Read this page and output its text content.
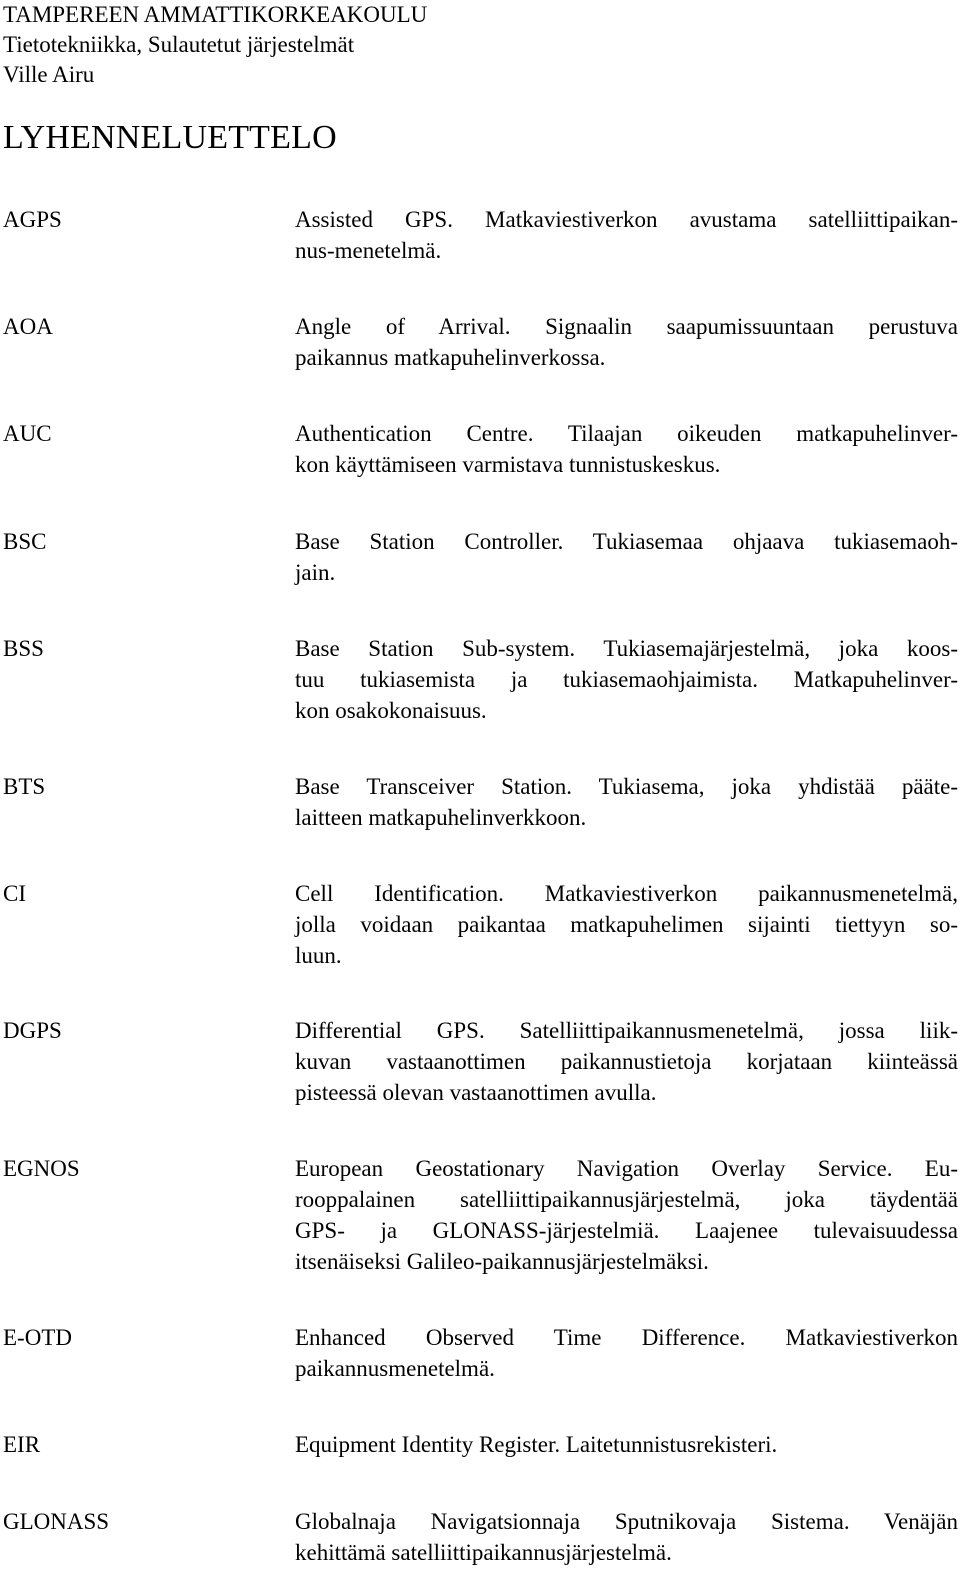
TAMPEREEN AMMATTIKORKEAKOULU
Tietotekniikka, Sulautetut järjestelmät
Ville Airu
LYHENNELUETTELO
AGPS	Assisted GPS. Matkaviestiverkon avustama satelliittipaikan-
nus-menetelmä.
AOA	Angle of Arrival. Signaalin saapumissuuntaan perustuva
paikannus matkapuhelinverkossa.
AUC	Authentication Centre. Tilaajan oikeuden matkapuhelinver-
kon käyttämiseen varmistava tunnistuskeskus.
BSC	Base Station Controller. Tukiasemaa ohjaava tukiasemaoh-
jain.
BSS	Base Station Sub-system. Tukiasemajärjestelmä, joka koos-
tuu tukiasemista ja tukiasemaohjaimista. Matkapuhelinver-
kon osakokonaisuus.
BTS	Base Transceiver Station. Tukiasema, joka yhdistää pääte-
laitteen matkapuhelinverkkoon.
CI	Cell Identification. Matkaviestiverkon paikannusmenetelmä,
jolla voidaan paikantaa matkapuhelimen sijainti tiettyyn so-
luun.
DGPS	Differential GPS. Satelliittipaikannusmenetelmä, jossa liik-
kuvan vastaanottimen paikannustietoja korjataan kiinteässä
pisteessä olevan vastaanottimen avulla.
EGNOS	European Geostationary Navigation Overlay Service. Eu-
rooppalainen satelliittipaikannusjärjestelmä, joka täydentää
GPS- ja GLONASS-järjestelmiä. Laajenee tulevaisuudessa
itsenäiseksi Galileo-paikannusjärjestelmäksi.
E-OTD	Enhanced Observed Time Difference. Matkaviestiverkon
paikannusmenetelmä.
EIR	Equipment Identity Register. Laitetunnistusrekisteri.
GLONASS	Globalnaja Navigatsionnaja Sputnikovaja Sistema. Venäjän
kehittämä satelliittipaikannusjärjestelmä.
